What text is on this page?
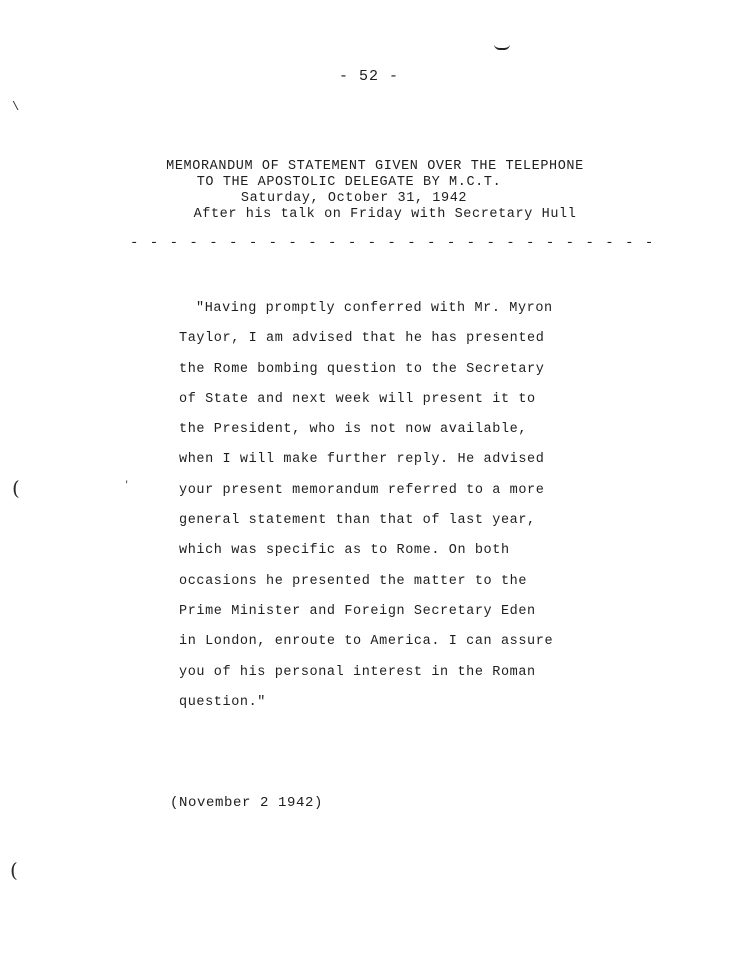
\
(	'
(
- 52 -
MEMORANDUM OF STATEMENT GIVEN OVER THE TELEPHONE
TO THE APOSTOLIC DELEGATE BY M.C.T.
Saturday, October 31, 1942
After his talk on Friday with Secretary Hull
- - - - - - - - - - - - - - - - - - - - - - - - - - -
"Having promptly conferred with Mr. Myron
Taylor, I am advised that he has presented
the Rome bombing question to the Secretary
of State and next week will present it to
the President, who is not now available,
when I will make further reply. He advised
your present memorandum referred to a more
general statement than that of last year,
which was specific as to Rome. On both
occasions he presented the matter to the
Prime Minister and Foreign Secretary Eden
in London, enroute to America. I can assure
you of his personal interest in the Roman
question."
(November 2 1942)
